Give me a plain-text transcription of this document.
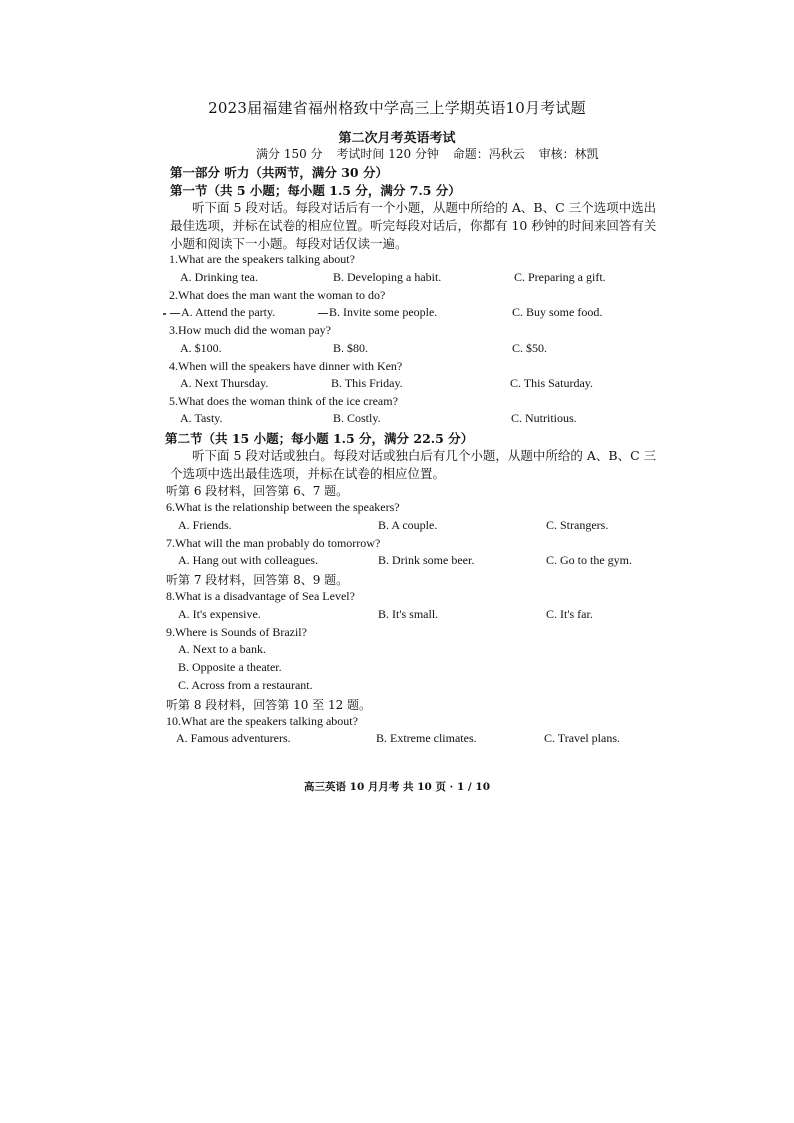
2023届福建省福州格致中学高三上学期英语10月考试题
第二次月考英语考试
满分 150 分 考试时间 120 分钟 命题：冯秋云 审核：林凯
第一部分 听力（共两节，满分 30 分）
第一节（共 5 小题；每小题 1.5 分，满分 7.5 分）
听下面 5 段对话。每段对话后有一个小题，从题中所给的 A、B、C 三个选项中选出
最佳选项，并标在试卷的相应位置。听完每段对话后，你都有 10 秒钟的时间来回答有关
小题和阅读下一小题。每段对话仅读一遍。
1.What are the speakers talking about?
A. Drinking tea.	B. Developing a habit.	C. Preparing a gift.
2.What does the man want the woman to do?
A. Attend the party.	B. Invite some people.	C. Buy some food.
3.How much did the woman pay?
A. $100.	B. $80.	C. $50.
4.When will the speakers have dinner with Ken?
A. Next Thursday.	B. This Friday.	C. This Saturday.
5.What does the woman think of the ice cream?
A. Tasty.	B. Costly.	C. Nutritious.
第二节（共 15 小题；每小题 1.5 分，满分 22.5 分）
听下面 5 段对话或独白。每段对话或独白后有几个小题，从题中所给的 A、B、C 三
个选项中选出最佳选项，并标在试卷的相应位置。
听第 6 段材料，回答第 6、7 题。
6.What is the relationship between the speakers?
A. Friends.	B. A couple.	C. Strangers.
7.What will the man probably do tomorrow?
A. Hang out with colleagues.	B. Drink some beer.	C. Go to the gym.
听第 7 段材料，回答第 8、9 题。
8.What is a disadvantage of Sea Level?
A. It's expensive.	B. It's small.	C. It's far.
9.Where is Sounds of Brazil?
A. Next to a bank.
B. Opposite a theater.
C. Across from a restaurant.
听第 8 段材料，回答第 10 至 12 题。
10.What are the speakers talking about?
A. Famous adventurers.	B. Extreme climates.	C. Travel plans.
高三英语 10 月月考 共 10 页 · 1 / 10
